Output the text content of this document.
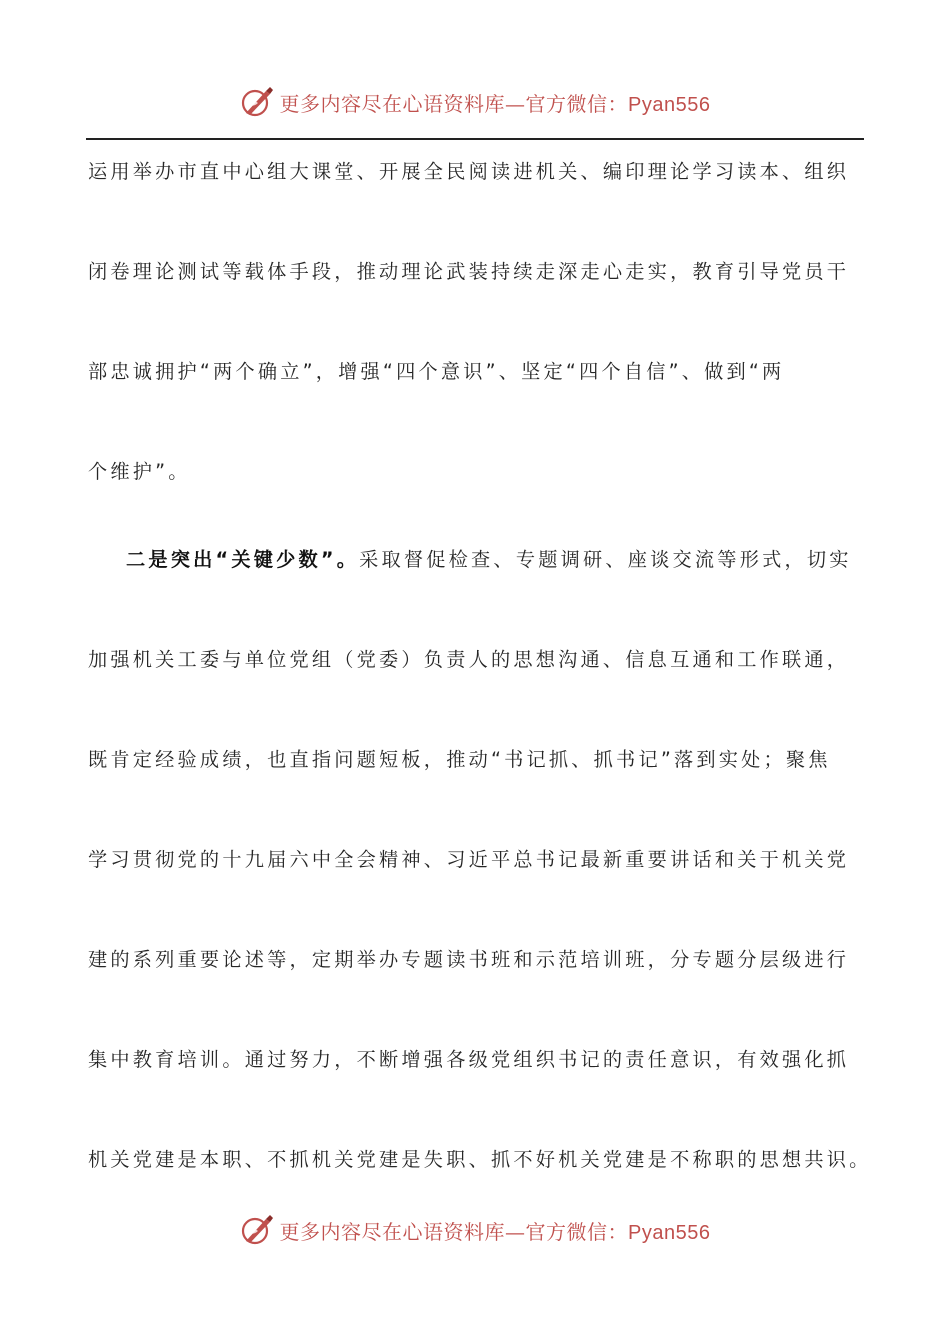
更多内容尽在心语资料库—官方微信：Pyan556

运用举办市直中心组大课堂、开展全民阅读进机关、编印理论学习读本、组织

闭卷理论测试等载体手段，推动理论武装持续走深走心走实，教育引导党员干

部忠诚拥护“两个确立”，增强“四个意识”、坚定“四个自信”、做到“两

个维护”。

二是突出“关键少数”。采取督促检查、专题调研、座谈交流等形式，切实

加强机关工委与单位党组（党委）负责人的思想沟通、信息互通和工作联通，

既肯定经验成绩，也直指问题短板，推动“书记抓、抓书记”落到实处；聚焦

学习贯彻党的十九届六中全会精神、习近平总书记最新重要讲话和关于机关党

建的系列重要论述等，定期举办专题读书班和示范培训班，分专题分层级进行

集中教育培训。通过努力，不断增强各级党组织书记的责任意识，有效强化抓

机关党建是本职、不抓机关党建是失职、抓不好机关党建是不称职的思想共识。

更多内容尽在心语资料库—官方微信：Pyan556
